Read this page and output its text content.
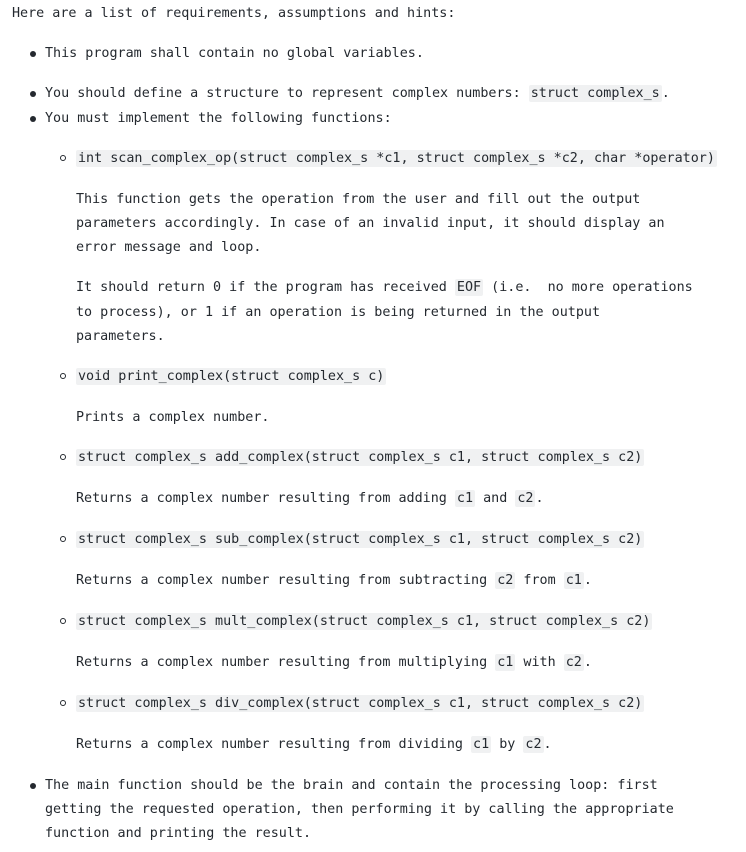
Here are a list of requirements, assumptions and hints:
This program shall contain no global variables.
You should define a structure to represent complex numbers: struct complex_s .
You must implement the following functions:
int scan_complex_op(struct complex_s *c1, struct complex_s *c2, char *operator)
This function gets the operation from the user and fill out the output
parameters accordingly. In case of an invalid input, it should display an
error message and loop.
It should return 0 if the program has received EOF (i.e.  no more operations
to process), or 1 if an operation is being returned in the output
parameters.
void print_complex(struct complex_s c)
Prints a complex number.
struct complex_s add_complex(struct complex_s c1, struct complex_s c2)
Returns a complex number resulting from adding c1 and c2 .
struct complex_s sub_complex(struct complex_s c1, struct complex_s c2)
Returns a complex number resulting from subtracting c2 from c1 .
struct complex_s mult_complex(struct complex_s c1, struct complex_s c2)
Returns a complex number resulting from multiplying c1 with c2 .
struct complex_s div_complex(struct complex_s c1, struct complex_s c2)
Returns a complex number resulting from dividing c1 by c2 .
The main function should be the brain and contain the processing loop: first
getting the requested operation, then performing it by calling the appropriate
function and printing the result.
